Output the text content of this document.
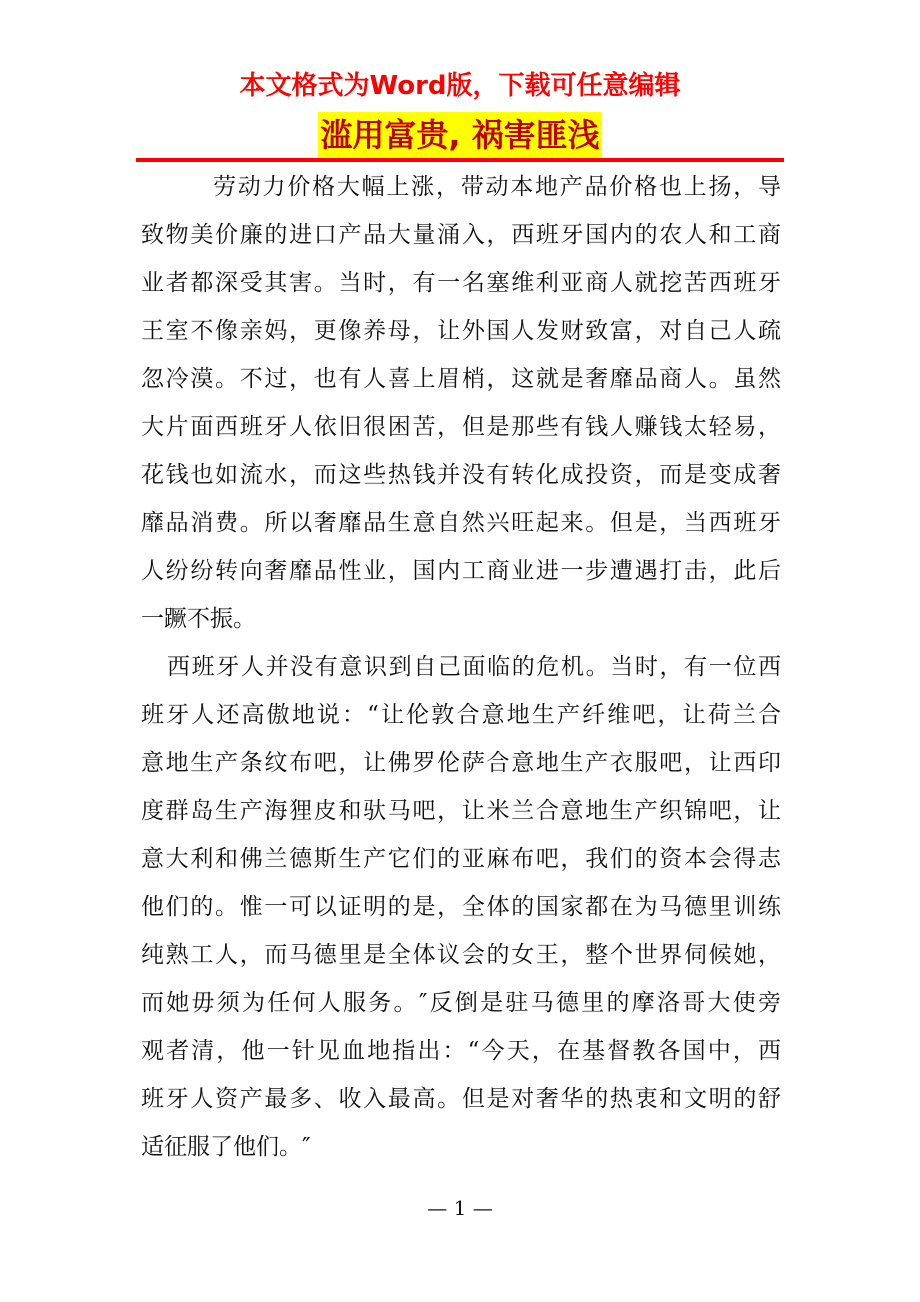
本文格式为Word版，下载可任意编辑
滥用富贵, 祸害匪浅
劳动力价格大幅上涨，带动本地产品价格也上扬，导
致物美价廉的进口产品大量涌入，西班牙国内的农人和工商
业者都深受其害。当时，有一名塞维利亚商人就挖苦西班牙
王室不像亲妈，更像养母，让外国人发财致富，对自己人疏
忽冷漠。不过，也有人喜上眉梢，这就是奢靡品商人。虽然
大片面西班牙人依旧很困苦，但是那些有钱人赚钱太轻易，
花钱也如流水，而这些热钱并没有转化成投资，而是变成奢
靡品消费。所以奢靡品生意自然兴旺起来。但是，当西班牙
人纷纷转向奢靡品性业，国内工商业进一步遭遇打击，此后
一蹶不振。
西班牙人并没有意识到自己面临的危机。当时，有一位西
班牙人还高傲地说：“让伦敦合意地生产纤维吧，让荷兰合
意地生产条纹布吧，让佛罗伦萨合意地生产衣服吧，让西印
度群岛生产海狸皮和驮马吧，让米兰合意地生产织锦吧，让
意大利和佛兰德斯生产它们的亚麻布吧，我们的资本会得志
他们的。惟一可以证明的是，全体的国家都在为马德里训练
纯熟工人，而马德里是全体议会的女王，整个世界伺候她，
而她毋须为任何人服务。″反倒是驻马德里的摩洛哥大使旁
观者清，他一针见血地指出：“今天，在基督教各国中，西
班牙人资产最多、收入最高。但是对奢华的热衷和文明的舒
适征服了他们。″
— 1 —
